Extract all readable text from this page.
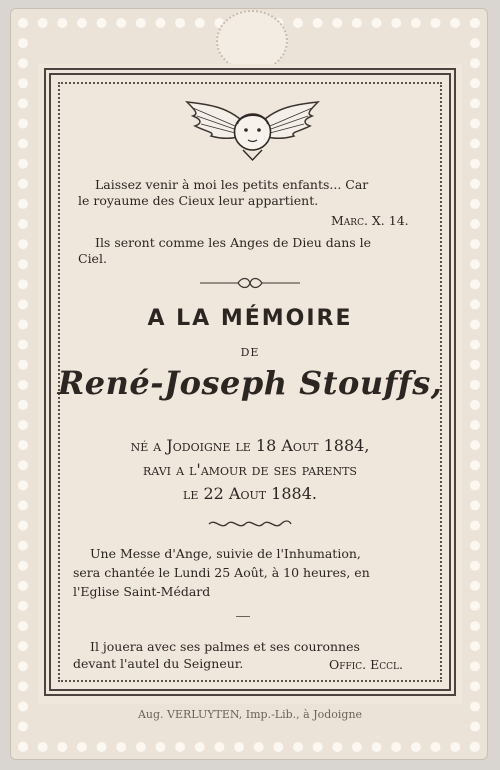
Laissez venir à moi les petits enfants... Car

le royaume des Cieux leur appartient.

Marc. X. 14.

Ils seront comme les Anges de Dieu dans le

Ciel.

A LA MÉMOIRE

DE

René-Joseph Stouffs,

né a Jodoigne le 18 Aout 1884,

ravi a l'amour de ses parents

le 22 Aout 1884.

Une Messe d'Ange, suivie de l'Inhumation,

sera chantée le Lundi 25 Août, à 10 heures, en

l'Eglise Saint-Médard

Il jouera avec ses palmes et ses couronnes

devant l'autel du Seigneur.	Offic. Eccl.

Aug. VERLUYTEN, Imp.-Lib., à Jodoigne
